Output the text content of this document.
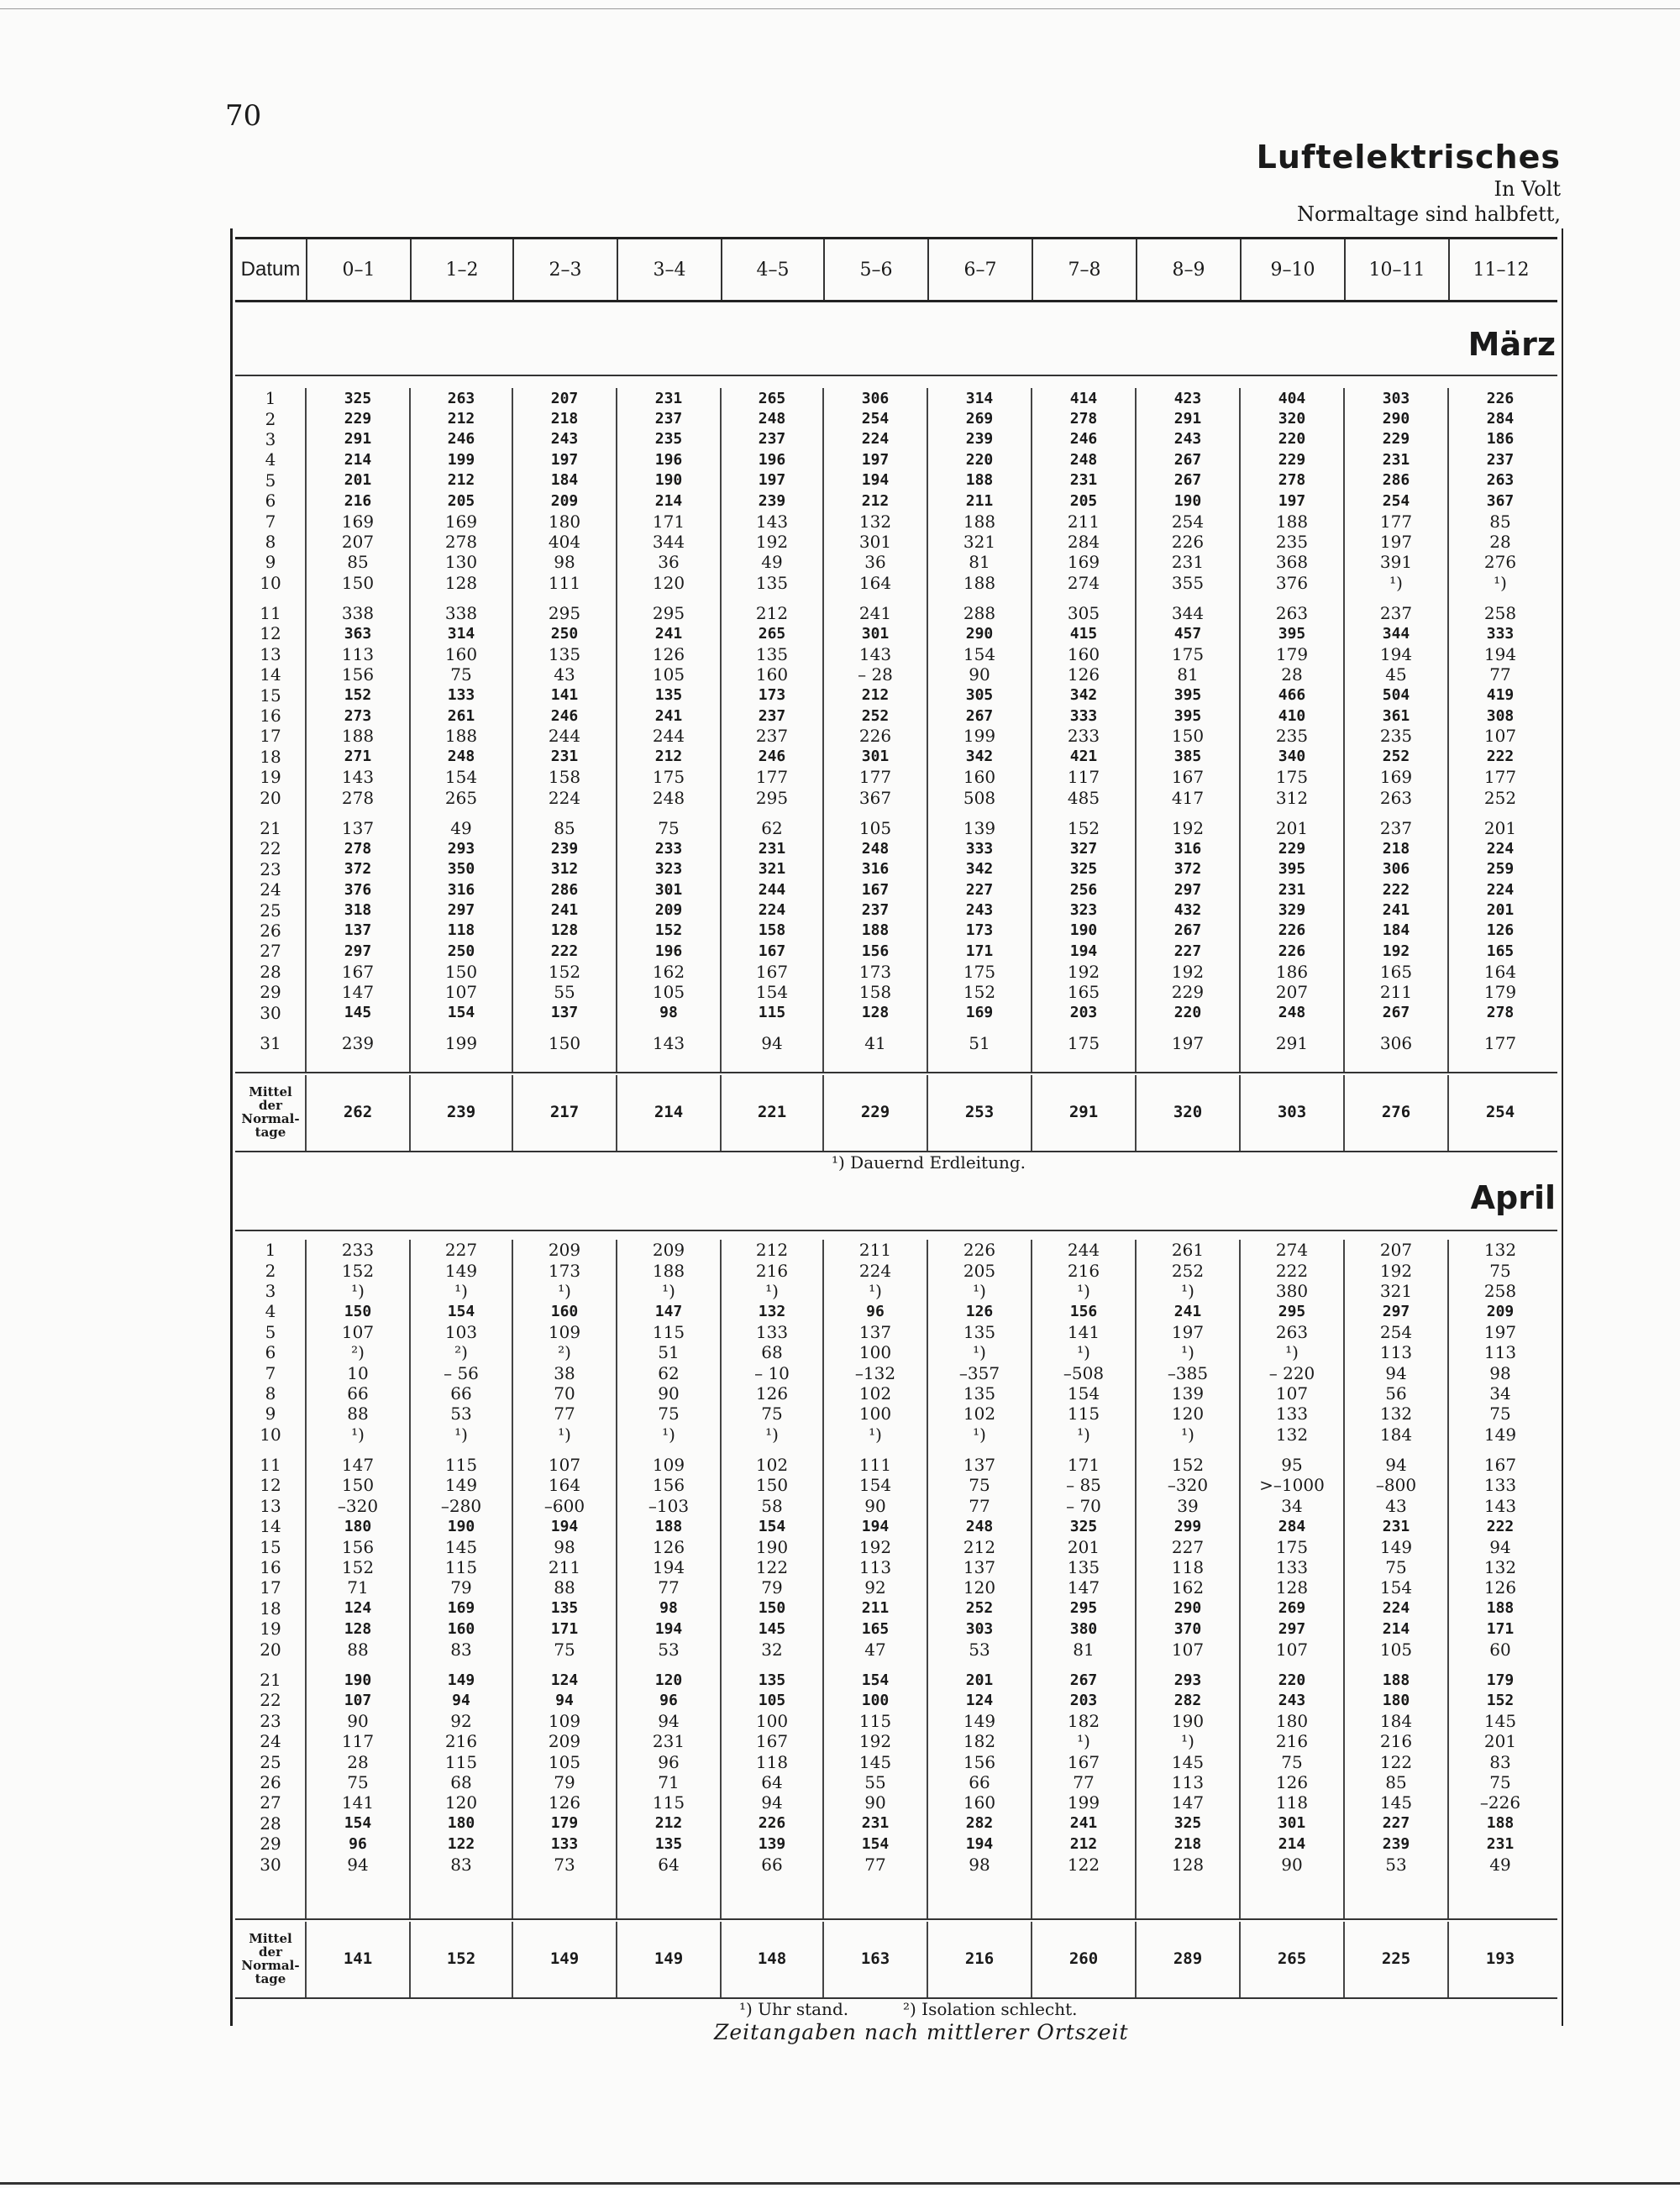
70
Luftelektrisches
In Volt
Normaltage sind halbfett,
Datum	0–1	1–2	2–3	3–4	4–5	5–6	6–7	7–8	8–9	9–10	10–11	11–12
März
1	325	263	207	231	265	306	314	414	423	404	303	226
2	229	212	218	237	248	254	269	278	291	320	290	284
3	291	246	243	235	237	224	239	246	243	220	229	186
4	214	199	197	196	196	197	220	248	267	229	231	237
5	201	212	184	190	197	194	188	231	267	278	286	263
6	216	205	209	214	239	212	211	205	190	197	254	367
7	169	169	180	171	143	132	188	211	254	188	177	85
8	207	278	404	344	192	301	321	284	226	235	197	28
9	85	130	98	36	49	36	81	169	231	368	391	276
10	150	128	111	120	135	164	188	274	355	376	¹)	¹)
11	338	338	295	295	212	241	288	305	344	263	237	258
12	363	314	250	241	265	301	290	415	457	395	344	333
13	113	160	135	126	135	143	154	160	175	179	194	194
14	156	75	43	105	160	– 28	90	126	81	28	45	77
15	152	133	141	135	173	212	305	342	395	466	504	419
16	273	261	246	241	237	252	267	333	395	410	361	308
17	188	188	244	244	237	226	199	233	150	235	235	107
18	271	248	231	212	246	301	342	421	385	340	252	222
19	143	154	158	175	177	177	160	117	167	175	169	177
20	278	265	224	248	295	367	508	485	417	312	263	252
21	137	49	85	75	62	105	139	152	192	201	237	201
22	278	293	239	233	231	248	333	327	316	229	218	224
23	372	350	312	323	321	316	342	325	372	395	306	259
24	376	316	286	301	244	167	227	256	297	231	222	224
25	318	297	241	209	224	237	243	323	432	329	241	201
26	137	118	128	152	158	188	173	190	267	226	184	126
27	297	250	222	196	167	156	171	194	227	226	192	165
28	167	150	152	162	167	173	175	192	192	186	165	164
29	147	107	55	105	154	158	152	165	229	207	211	179
30	145	154	137	98	115	128	169	203	220	248	267	278
31	239	199	150	143	94	41	51	175	197	291	306	177
Mittel
der
Normal-
tage
262	239	217	214	221	229	253	291	320	303	276	254
¹) Dauernd Erdleitung.
April
1	233	227	209	209	212	211	226	244	261	274	207	132
2	152	149	173	188	216	224	205	216	252	222	192	75
3	¹)	¹)	¹)	¹)	¹)	¹)	¹)	¹)	¹)	380	321	258
4	150	154	160	147	132	96	126	156	241	295	297	209
5	107	103	109	115	133	137	135	141	197	263	254	197
6	²)	²)	²)	51	68	100	¹)	¹)	¹)	¹)	113	113
7	10	– 56	38	62	– 10	–132	–357	–508	–385	– 220	94	98
8	66	66	70	90	126	102	135	154	139	107	56	34
9	88	53	77	75	75	100	102	115	120	133	132	75
10	¹)	¹)	¹)	¹)	¹)	¹)	¹)	¹)	¹)	132	184	149
11	147	115	107	109	102	111	137	171	152	95	94	167
12	150	149	164	156	150	154	75	– 85	–320	>–1000	–800	133
13	–320	–280	–600	–103	58	90	77	– 70	39	34	43	143
14	180	190	194	188	154	194	248	325	299	284	231	222
15	156	145	98	126	190	192	212	201	227	175	149	94
16	152	115	211	194	122	113	137	135	118	133	75	132
17	71	79	88	77	79	92	120	147	162	128	154	126
18	124	169	135	98	150	211	252	295	290	269	224	188
19	128	160	171	194	145	165	303	380	370	297	214	171
20	88	83	75	53	32	47	53	81	107	107	105	60
21	190	149	124	120	135	154	201	267	293	220	188	179
22	107	94	94	96	105	100	124	203	282	243	180	152
23	90	92	109	94	100	115	149	182	190	180	184	145
24	117	216	209	231	167	192	182	¹)	¹)	216	216	201
25	28	115	105	96	118	145	156	167	145	75	122	83
26	75	68	79	71	64	55	66	77	113	126	85	75
27	141	120	126	115	94	90	160	199	147	118	145	–226
28	154	180	179	212	226	231	282	241	325	301	227	188
29	96	122	133	135	139	154	194	212	218	214	239	231
30	94	83	73	64	66	77	98	122	128	90	53	49
Mittel
der
Normal-
tage
141	152	149	149	148	163	216	260	289	265	225	193
¹) Uhr stand.	²) Isolation schlecht.
Zeitangaben nach mittlerer Ortszeit
